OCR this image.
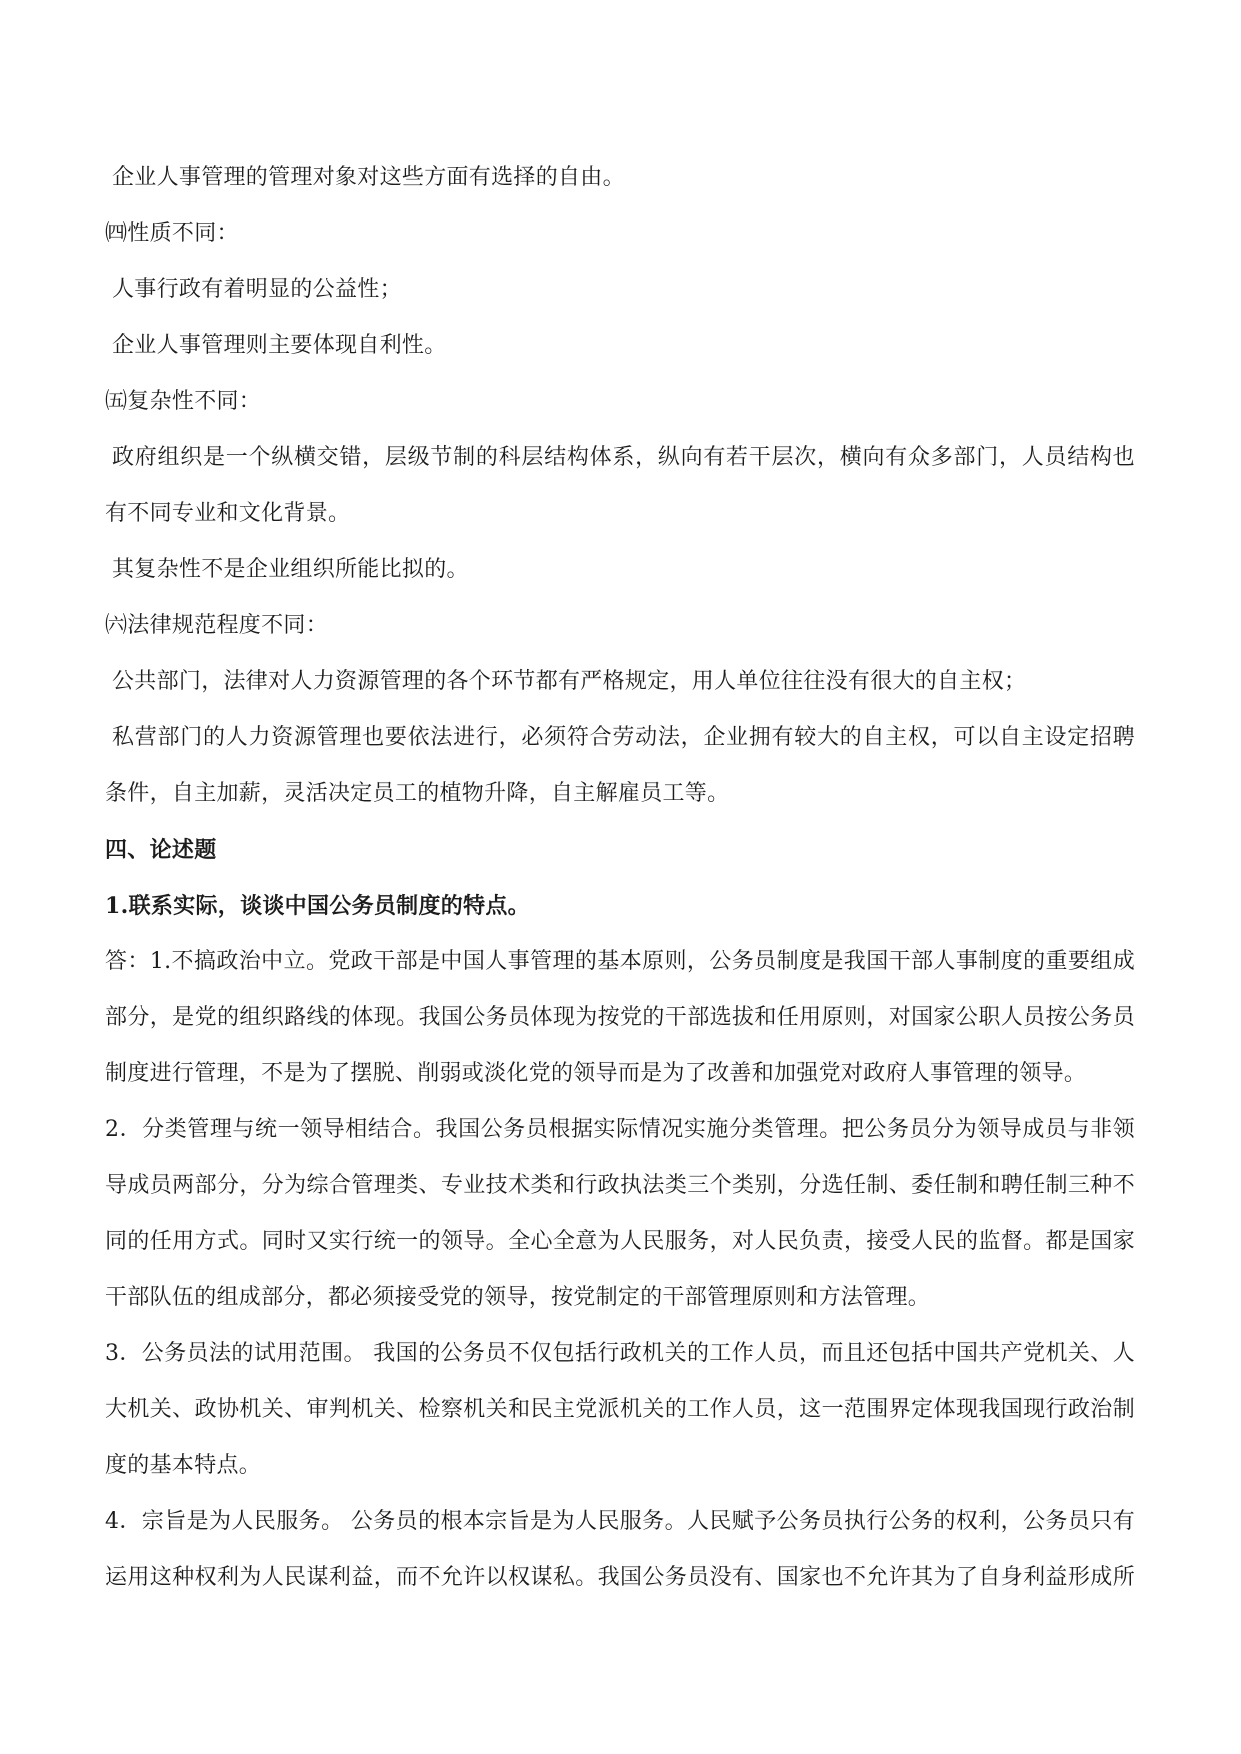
企业人事管理的管理对象对这些方面有选择的自由。
㈣性质不同：
人事行政有着明显的公益性；
企业人事管理则主要体现自利性。
㈤复杂性不同：
政府组织是一个纵横交错，层级节制的科层结构体系，纵向有若干层次，横向有众多部门，人员结构也
有不同专业和文化背景。
其复杂性不是企业组织所能比拟的。
㈥法律规范程度不同：
公共部门，法律对人力资源管理的各个环节都有严格规定，用人单位往往没有很大的自主权；
私营部门的人力资源管理也要依法进行，必须符合劳动法，企业拥有较大的自主权，可以自主设定招聘
条件，自主加薪，灵活决定员工的植物升降，自主解雇员工等。
四、论述题
1.联系实际，谈谈中国公务员制度的特点。
答：1.不搞政治中立。党政干部是中国人事管理的基本原则，公务员制度是我国干部人事制度的重要组成
部分，是党的组织路线的体现。我国公务员体现为按党的干部选拔和任用原则，对国家公职人员按公务员
制度进行管理，不是为了摆脱、削弱或淡化党的领导而是为了改善和加强党对政府人事管理的领导。
2．分类管理与统一领导相结合。我国公务员根据实际情况实施分类管理。把公务员分为领导成员与非领
导成员两部分，分为综合管理类、专业技术类和行政执法类三个类别，分选任制、委任制和聘任制三种不
同的任用方式。同时又实行统一的领导。全心全意为人民服务，对人民负责，接受人民的监督。都是国家
干部队伍的组成部分，都必须接受党的领导，按党制定的干部管理原则和方法管理。
3．公务员法的试用范围。 我国的公务员不仅包括行政机关的工作人员，而且还包括中国共产党机关、人
大机关、政协机关、审判机关、检察机关和民主党派机关的工作人员，这一范围界定体现我国现行政治制
度的基本特点。
4．宗旨是为人民服务。 公务员的根本宗旨是为人民服务。人民赋予公务员执行公务的权利，公务员只有
运用这种权利为人民谋利益，而不允许以权谋私。我国公务员没有、国家也不允许其为了自身利益形成所
